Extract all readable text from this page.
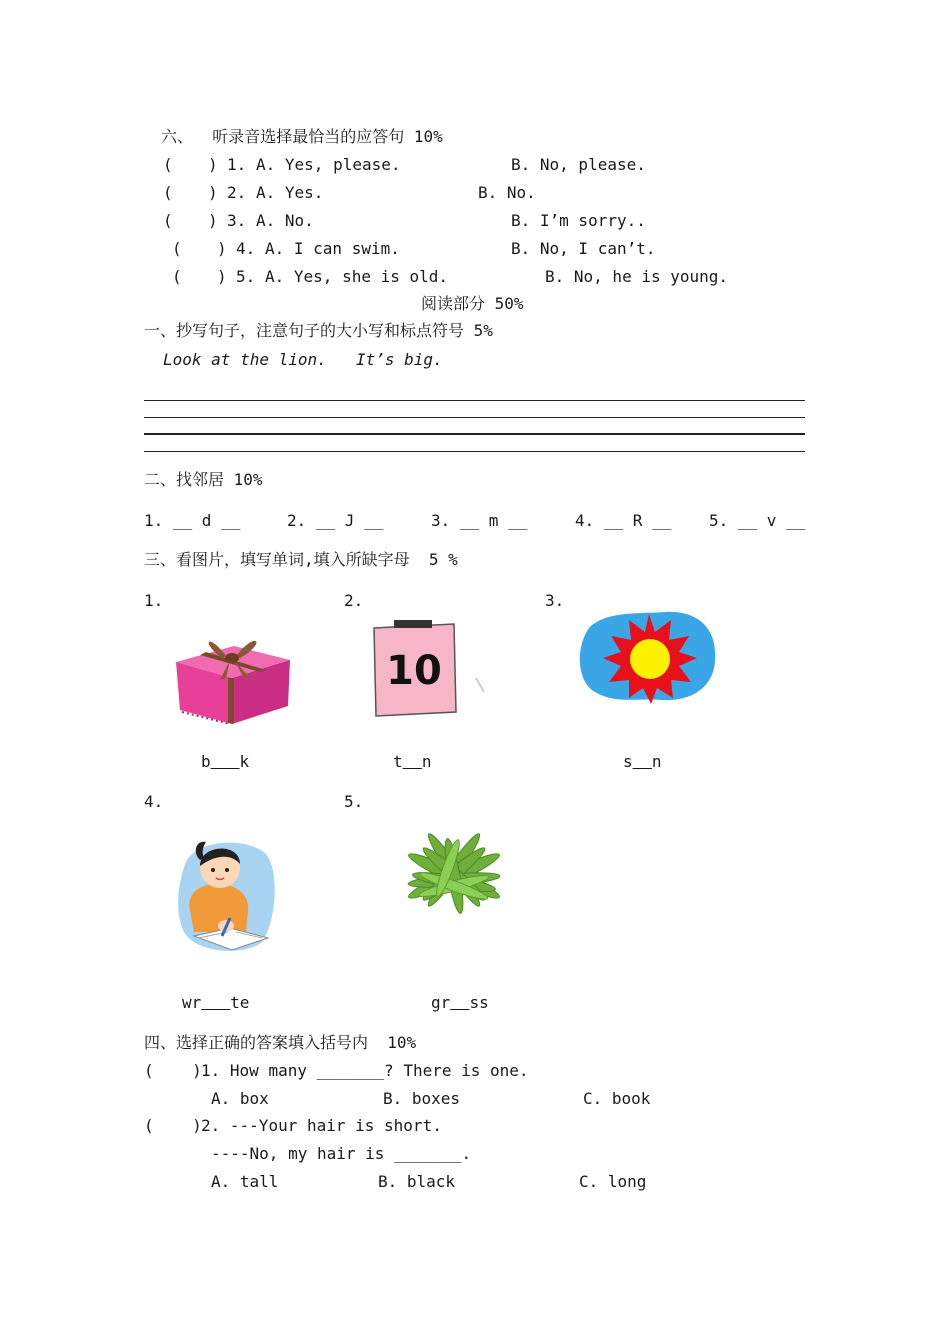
六、  听录音选择最恰当的应答句 10%
( ) 1. A. Yes, please.	B. No, please.
( ) 2. A. Yes.	B. No.
( ) 3. A. No.	B. I’m sorry..
( ) 4. A. I can swim.	B. No, I can’t.
( ) 5. A. Yes, she is old.	B. No, he is young.
阅读部分 50%
一、抄写句子，注意句子的大小写和标点符号 5%
Look at the lion. It’s big.
二、找邻居 10%
1. __ d __	2. __ J __	3. __ m __	4. __ R __ 5. __ v __
三、看图片，填写单词,填入所缺字母  5 %
1.	2.	3.
10
b k	t n	s n
4.	5.
wr te	gr ss
四、选择正确的答案填入括号内  10%
(    ) 1. How many _______? There is one.
A. box	B. boxes	C. book
(    ) 2. ---Your hair is short.
----No, my hair is _______.
A. tall	B. black	C. long
